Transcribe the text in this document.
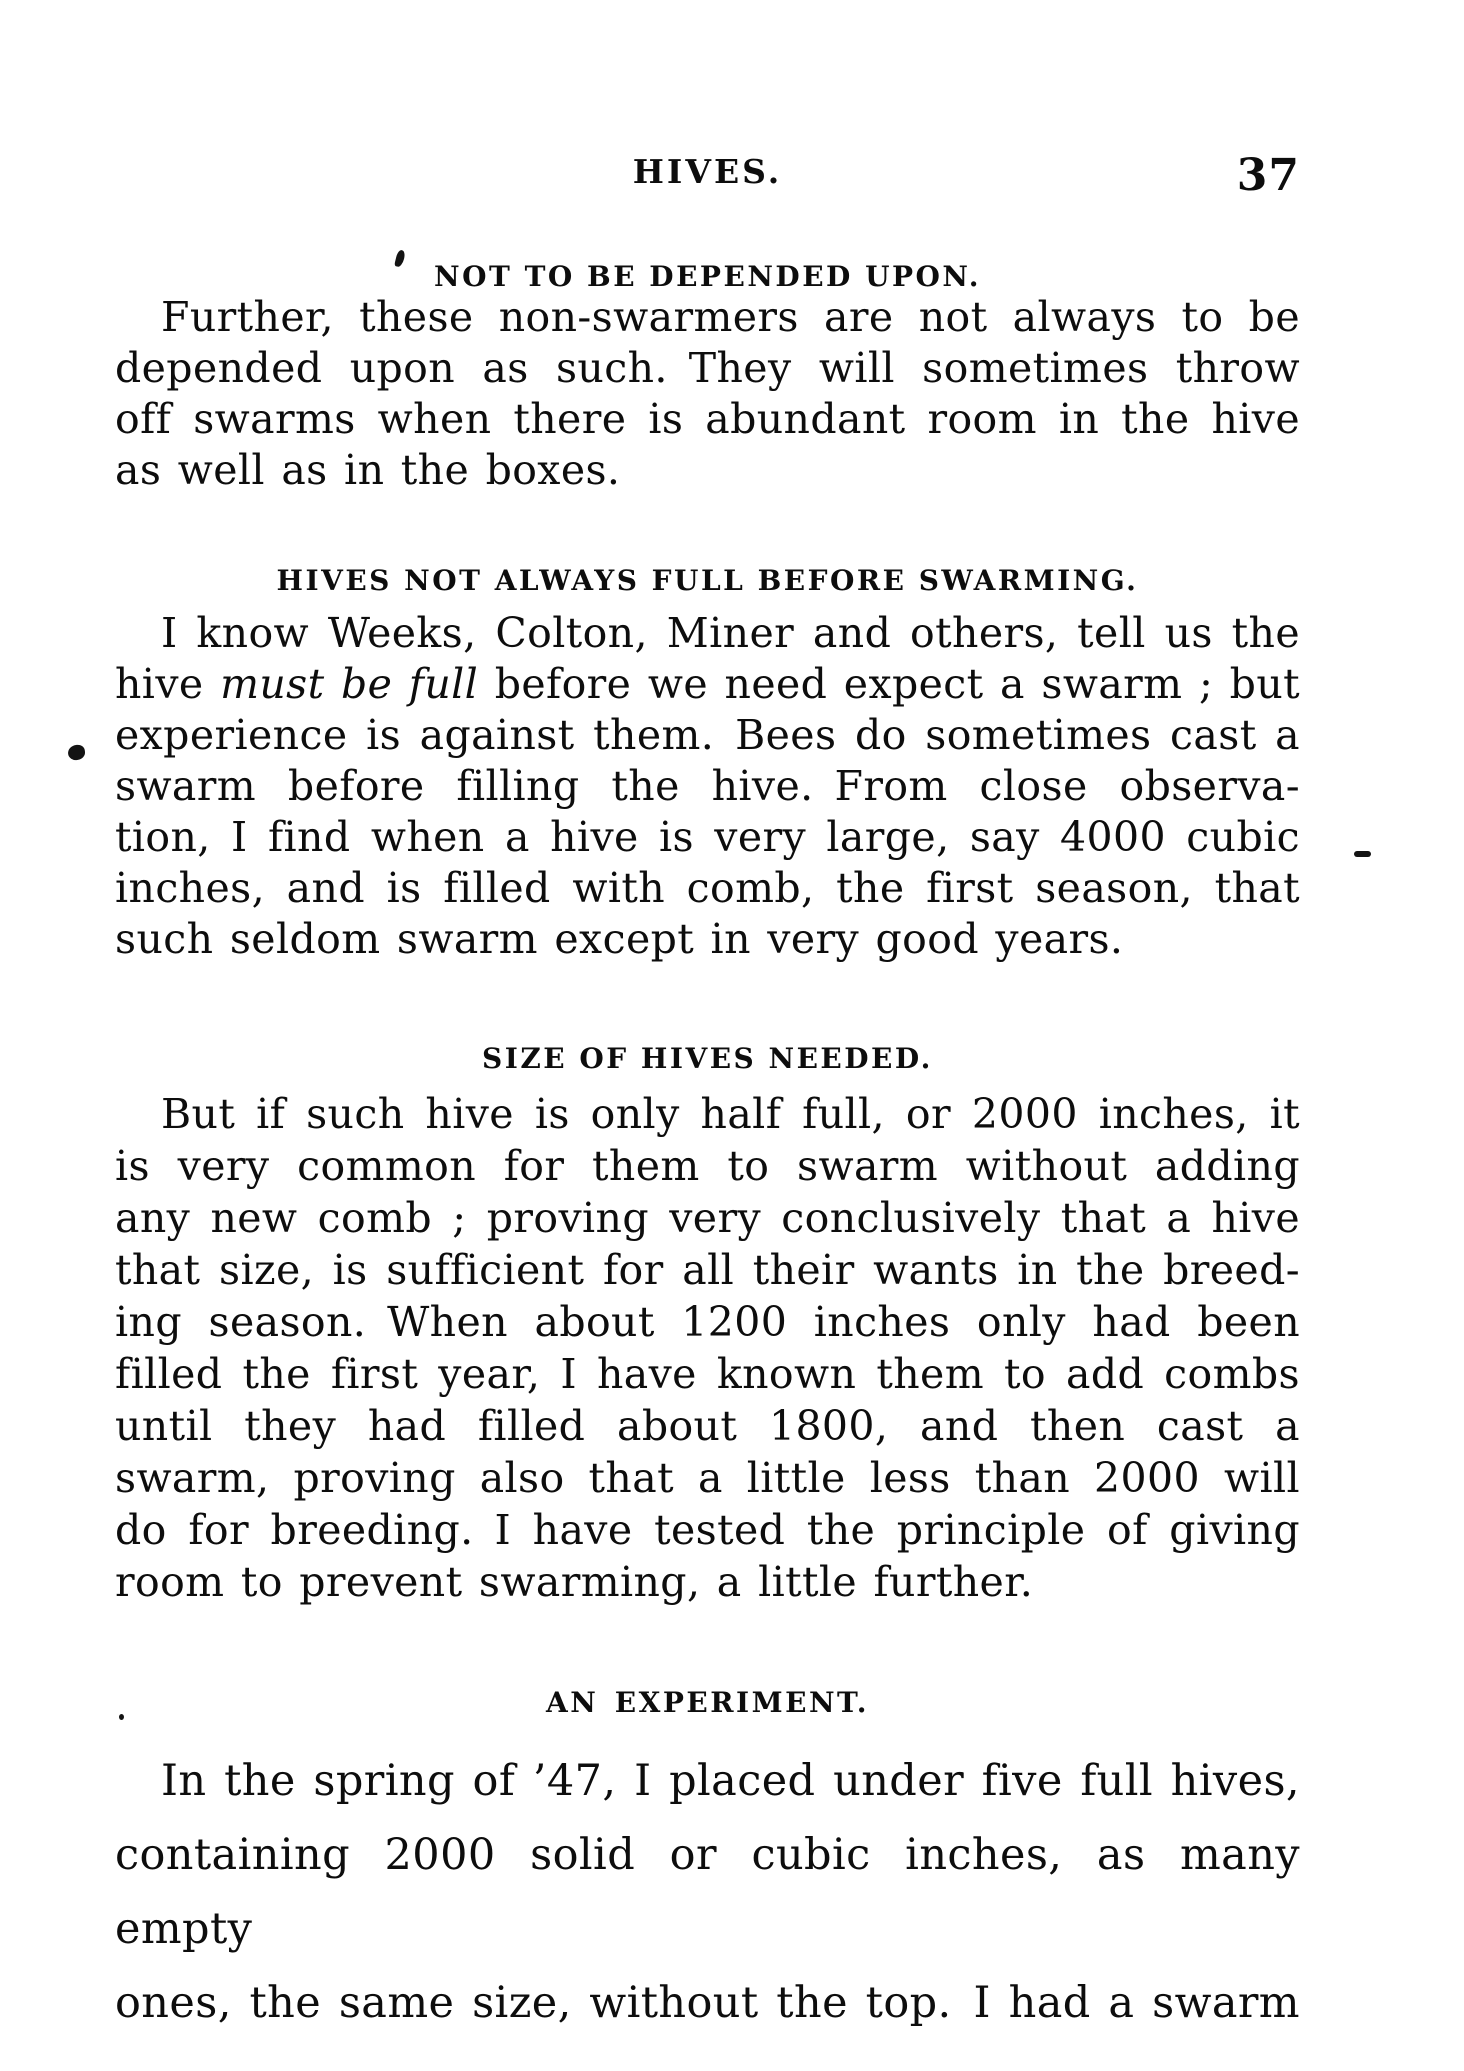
HIVES.	37
NOT TO BE DEPENDED UPON.

Further, these non-swarmers are not always to be
depended upon as such. They will sometimes throw
off swarms when there is abundant room in the hive
as well as in the boxes.

HIVES NOT ALWAYS FULL BEFORE SWARMING.

I know Weeks, Colton, Miner and others, tell us the
hive must be full before we need expect a swarm ; but
experience is against them. Bees do sometimes cast a
swarm before filling the hive. From close observa-
tion, I find when a hive is very large, say 4000 cubic
inches, and is filled with comb, the first season, that
such seldom swarm except in very good years.

SIZE OF HIVES NEEDED.

But if such hive is only half full, or 2000 inches, it
is very common for them to swarm without adding
any new comb ; proving very conclusively that a hive
that size, is sufficient for all their wants in the breed-
ing season. When about 1200 inches only had been
filled the first year, I have known them to add combs
until they had filled about 1800, and then cast a
swarm, proving also that a little less than 2000 will
do for breeding. I have tested the principle of giving
room to prevent swarming, a little further.

AN EXPERIMENT.

In the spring of ’47, I placed under five full hives,
containing 2000 solid or cubic inches, as many empty
ones, the same size, without the top. I had a swarm
